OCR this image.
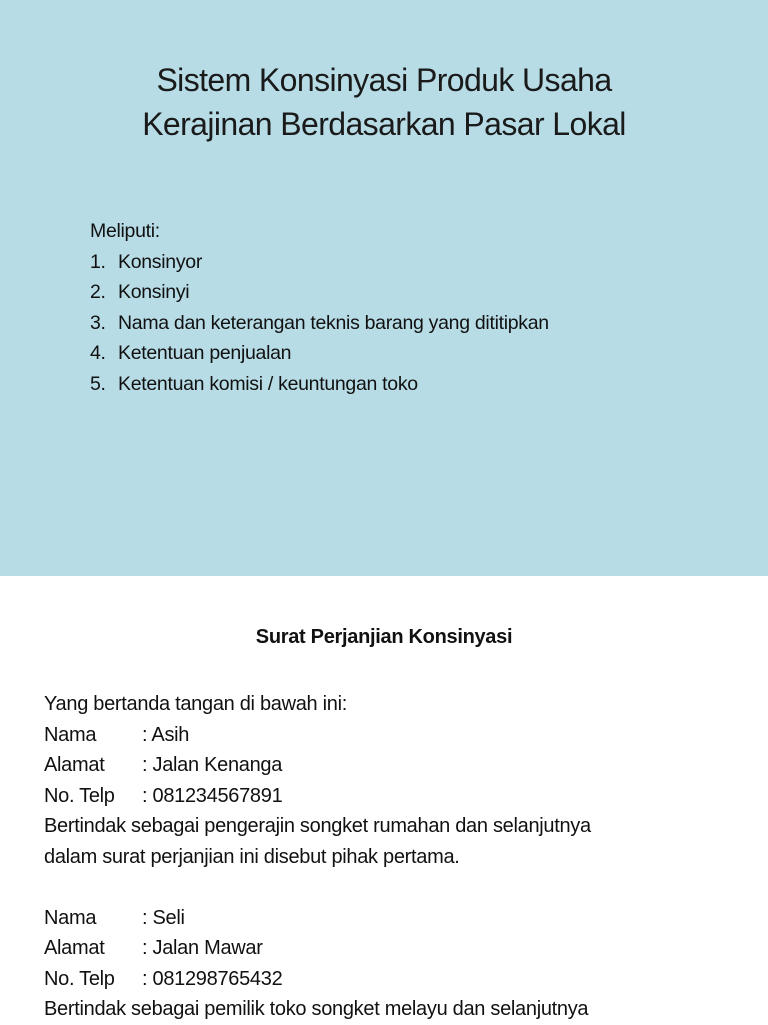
Sistem Konsinyasi Produk Usaha
Kerajinan Berdasarkan Pasar Lokal
Meliputi:
1. Konsinyor
2. Konsinyi
3. Nama dan keterangan teknis barang yang dititipkan
4. Ketentuan penjualan
5. Ketentuan komisi / keuntungan toko
Surat Perjanjian Konsinyasi
Yang bertanda tangan di bawah ini:
Nama : Asih
Alamat : Jalan Kenanga
No. Telp : 081234567891
Bertindak sebagai pengerajin songket rumahan dan selanjutnya
dalam surat perjanjian ini disebut pihak pertama.
Nama : Seli
Alamat : Jalan Mawar
No. Telp : 081298765432
Bertindak sebagai pemilik toko songket melayu dan selanjutnya
